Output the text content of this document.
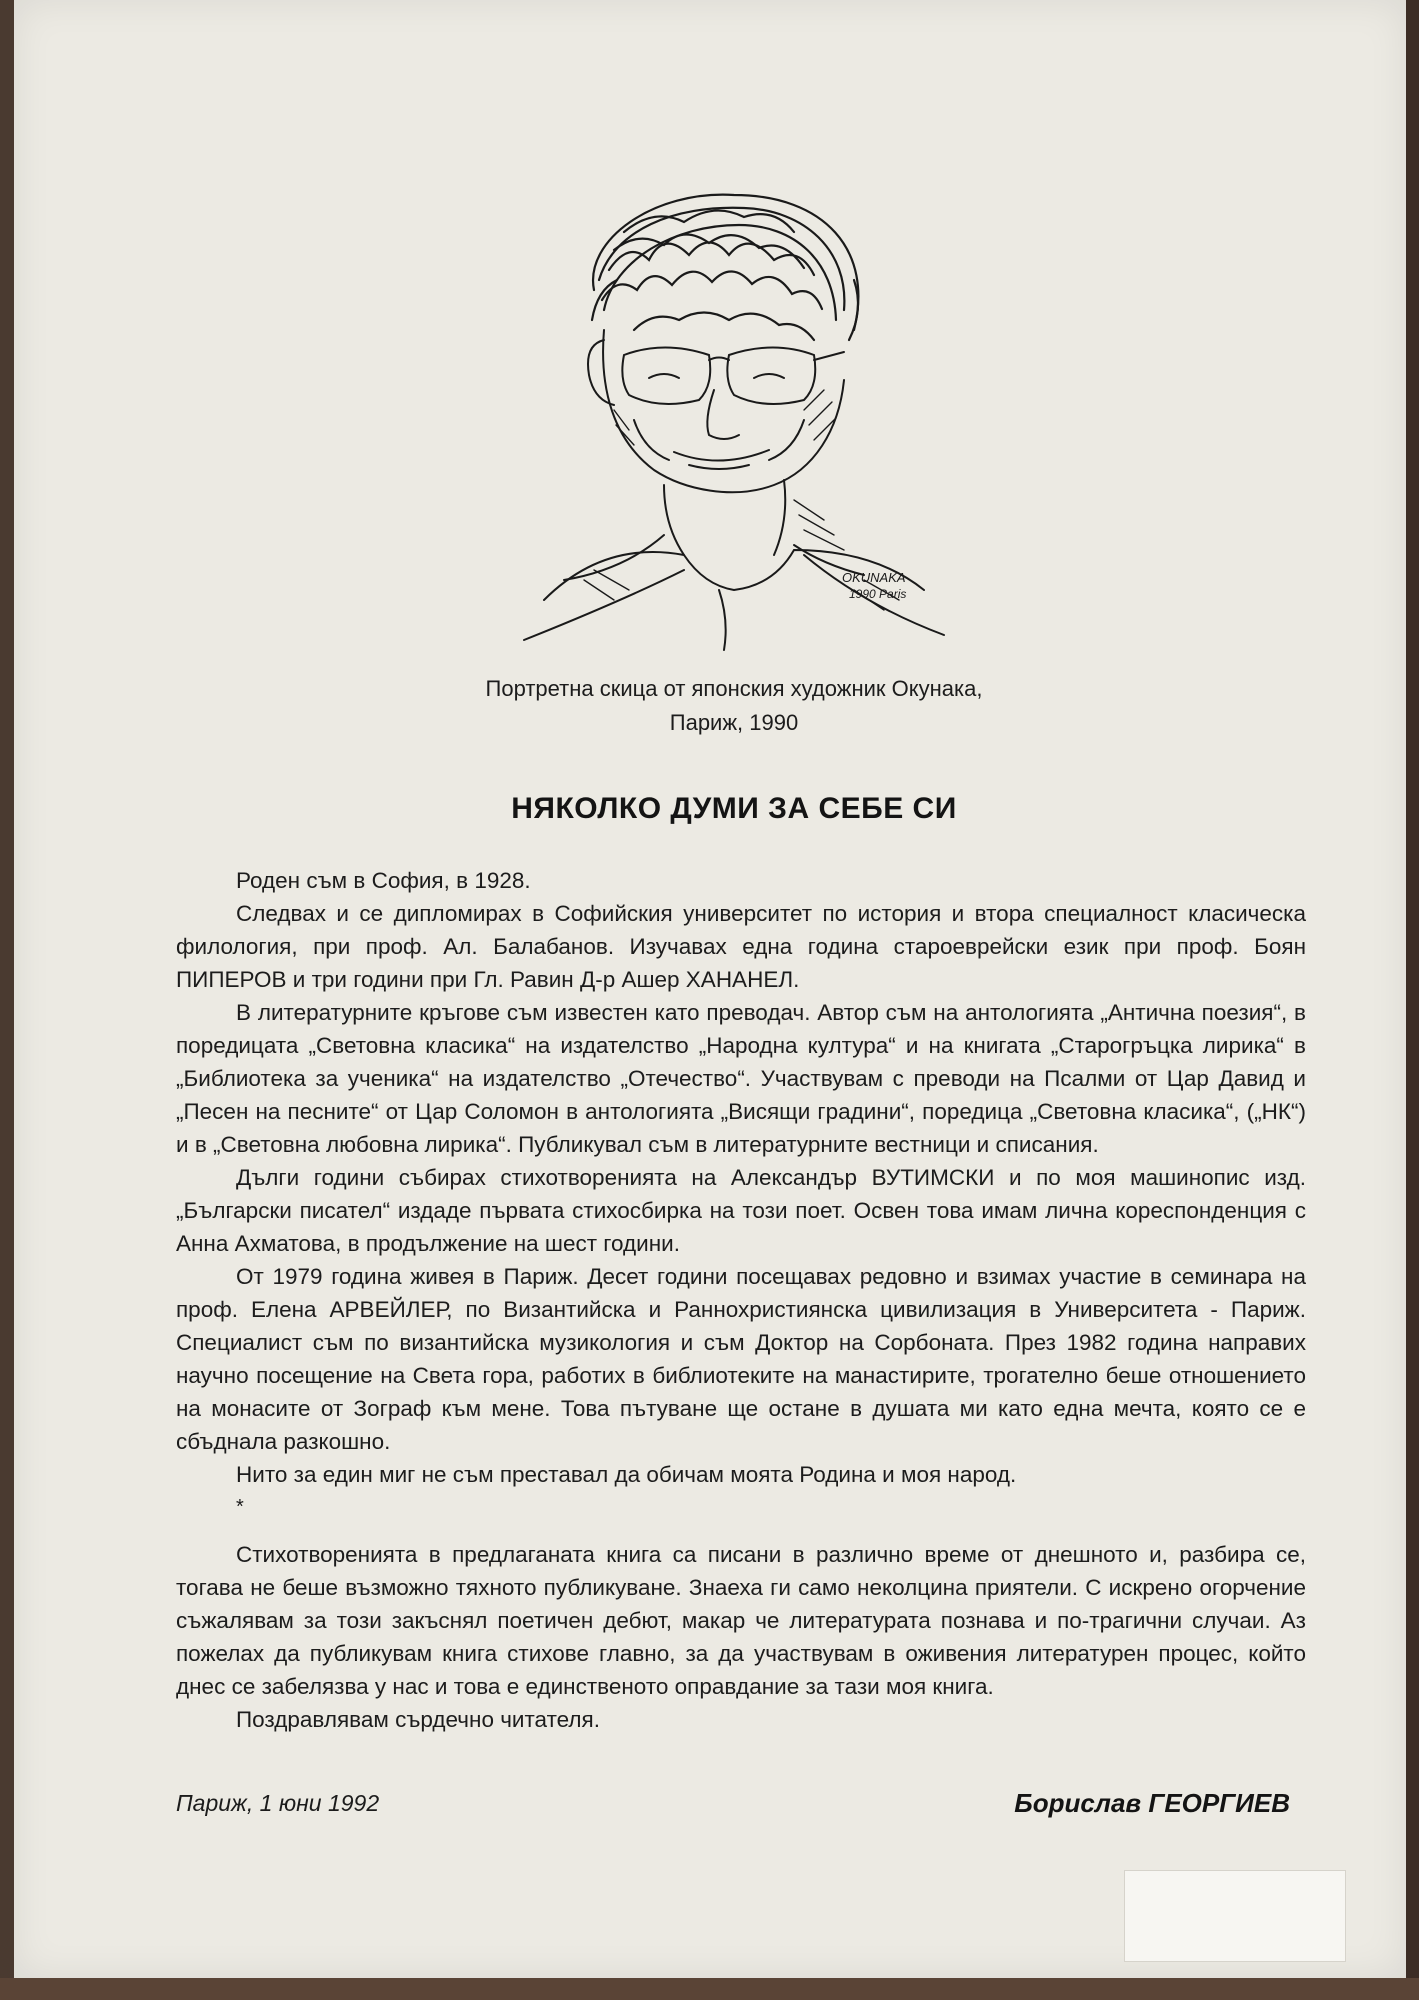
OKUNAKA
1990 Paris
Портретна скица от японския художник Окунака,
Париж, 1990
НЯКОЛКО ДУМИ ЗА СЕБЕ СИ

Роден съм в София, в 1928.

Следвах и се дипломирах в Софийския университет по история и втора специалност класическа филология, при проф. Ал. Балабанов. Изучавах една година староеврейски език при проф. Боян ПИПЕРОВ и три години при Гл. Равин Д-р Ашер ХАНАНЕЛ.

В литературните кръгове съм известен като преводач. Автор съм на антологията „Антична поезия“, в поредицата „Световна класика“ на издателство „Народна култура“ и на книгата „Старогръцка лирика“ в „Библиотека за ученика“ на издателство „Отечество“. Участвувам с преводи на Псалми от Цар Давид и „Песен на песните“ от Цар Соломон в антологията „Висящи градини“, поредица „Световна класика“, („НК“) и в „Световна любовна лирика“. Публикувал съм в литературните вестници и списания.

Дълги години събирах стихотворенията на Александър ВУТИМСКИ и по моя машинопис изд. „Български писател“ издаде първата стихосбирка на този поет. Освен това имам лична кореспонденция с Анна Ахматова, в продължение на шест години.

От 1979 година живея в Париж. Десет години посещавах редовно и взимах участие в семинара на проф. Елена АРВЕЙЛЕР, по Византийска и Раннохристиянска цивилизация в Университета - Париж. Специалист съм по византийска музикология и съм Доктор на Сорбоната. През 1982 година направих научно посещение на Света гора, работих в библиотеките на манастирите, трогателно беше отношението на монасите от Зограф към мене. Това пътуване ще остане в душата ми като една мечта, която се е сбъднала разкошно.

Нито за един миг не съм преставал да обичам моята Родина и моя народ.

*

Стихотворенията в предлаганата книга са писани в различно време от днешното и, разбира се, тогава не беше възможно тяхното публикуване. Знаеха ги само неколцина приятели. С искрено огорчение съжалявам за този закъснял поетичен дебют, макар че литературата познава и по-трагични случаи. Аз пожелах да публикувам книга стихове главно, за да участвувам в оживения литературен процес, който днес се забелязва у нас и това е единственото оправдание за тази моя книга.

Поздравлявам сърдечно читателя.

Париж, 1 юни 1992	Борислав ГЕОРГИЕВ
